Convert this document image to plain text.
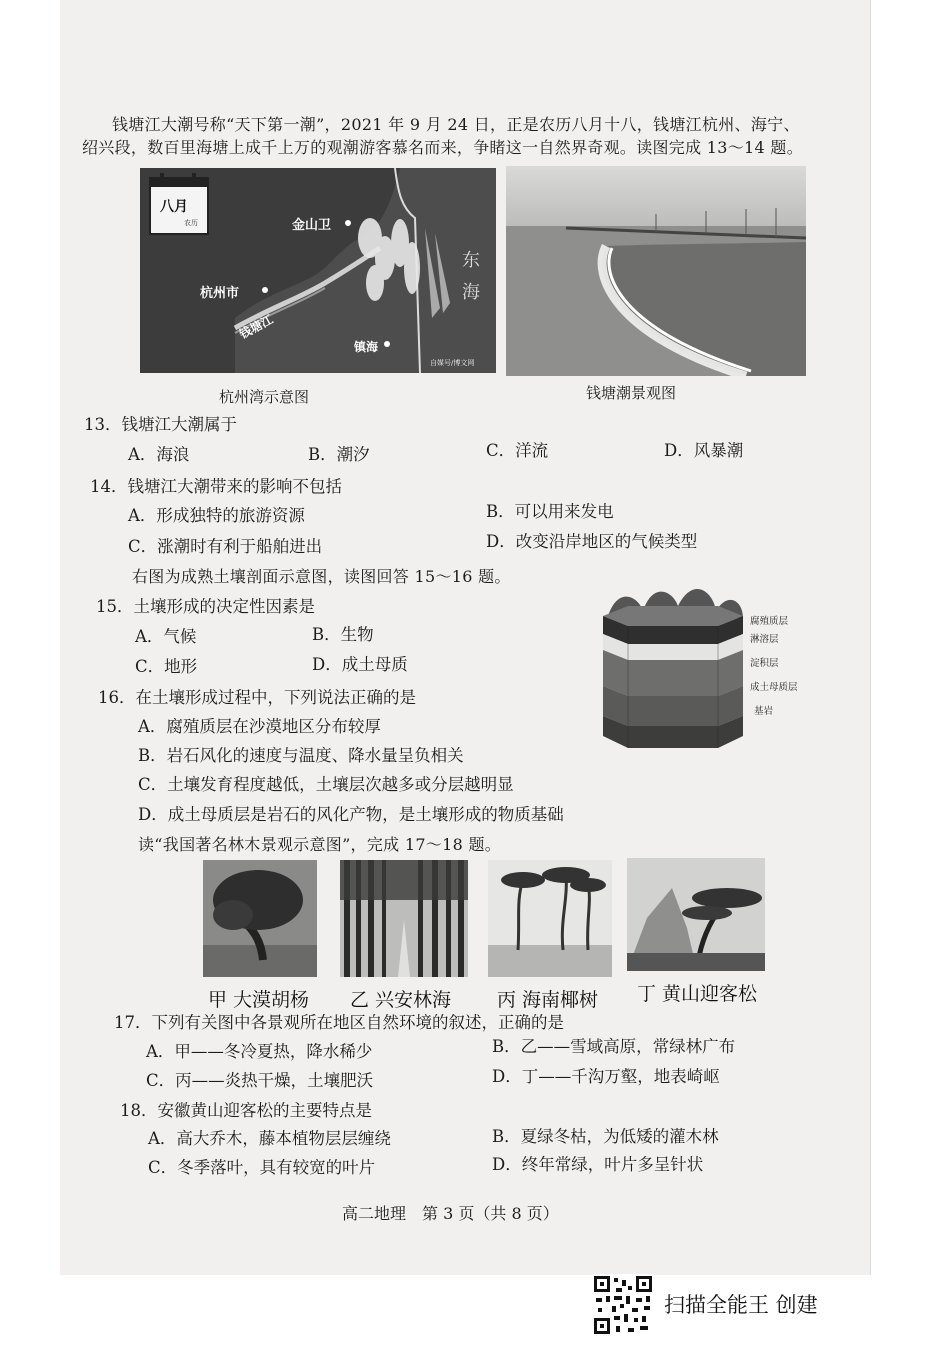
钱塘江大潮号称“天下第一潮”，2021 年 9 月 24 日，正是农历八月十八，钱塘江杭州、海宁、
绍兴段，数百里海塘上成千上万的观潮游客慕名而来，争睹这一自然界奇观。读图完成 13～14 题。
八月
农历	金山卫
杭州市
钱塘江
镇海
东
海
自媒号/博文网
杭州湾示意图	钱塘潮景观图
13．钱塘江大潮属于
A．海浪	B．潮汐	C．洋流	D．风暴潮
14．钱塘江大潮带来的影响不包括
A．形成独特的旅游资源	B．可以用来发电
C．涨潮时有利于船舶进出	D．改变沿岸地区的气候类型
右图为成熟土壤剖面示意图，读图回答 15～16 题。
15．土壤形成的决定性因素是
A．气候	B．生物
C．地形	D．成土母质
腐殖质层
淋溶层
淀积层
成土母质层
基岩
16．在土壤形成过程中，下列说法正确的是
A．腐殖质层在沙漠地区分布较厚
B．岩石风化的速度与温度、降水量呈负相关
C．土壤发育程度越低，土壤层次越多或分层越明显
D．成土母质层是岩石的风化产物，是土壤形成的物质基础
读“我国著名林木景观示意图”，完成 17～18 题。
甲 大漠胡杨 乙 兴安林海 丙 海南椰树 丁 黄山迎客松
17．下列有关图中各景观所在地区自然环境的叙述，正确的是
A．甲——冬冷夏热，降水稀少	B．乙——雪域高原，常绿林广布
C．丙——炎热干燥，土壤肥沃	D．丁——千沟万壑，地表崎岖
18．安徽黄山迎客松的主要特点是
A．高大乔木，藤本植物层层缠绕	B．夏绿冬枯，为低矮的灌木林
C．冬季落叶，具有较宽的叶片	D．终年常绿，叶片多呈针状
高二地理　第 3 页（共 8 页）
扫描全能王 创建
